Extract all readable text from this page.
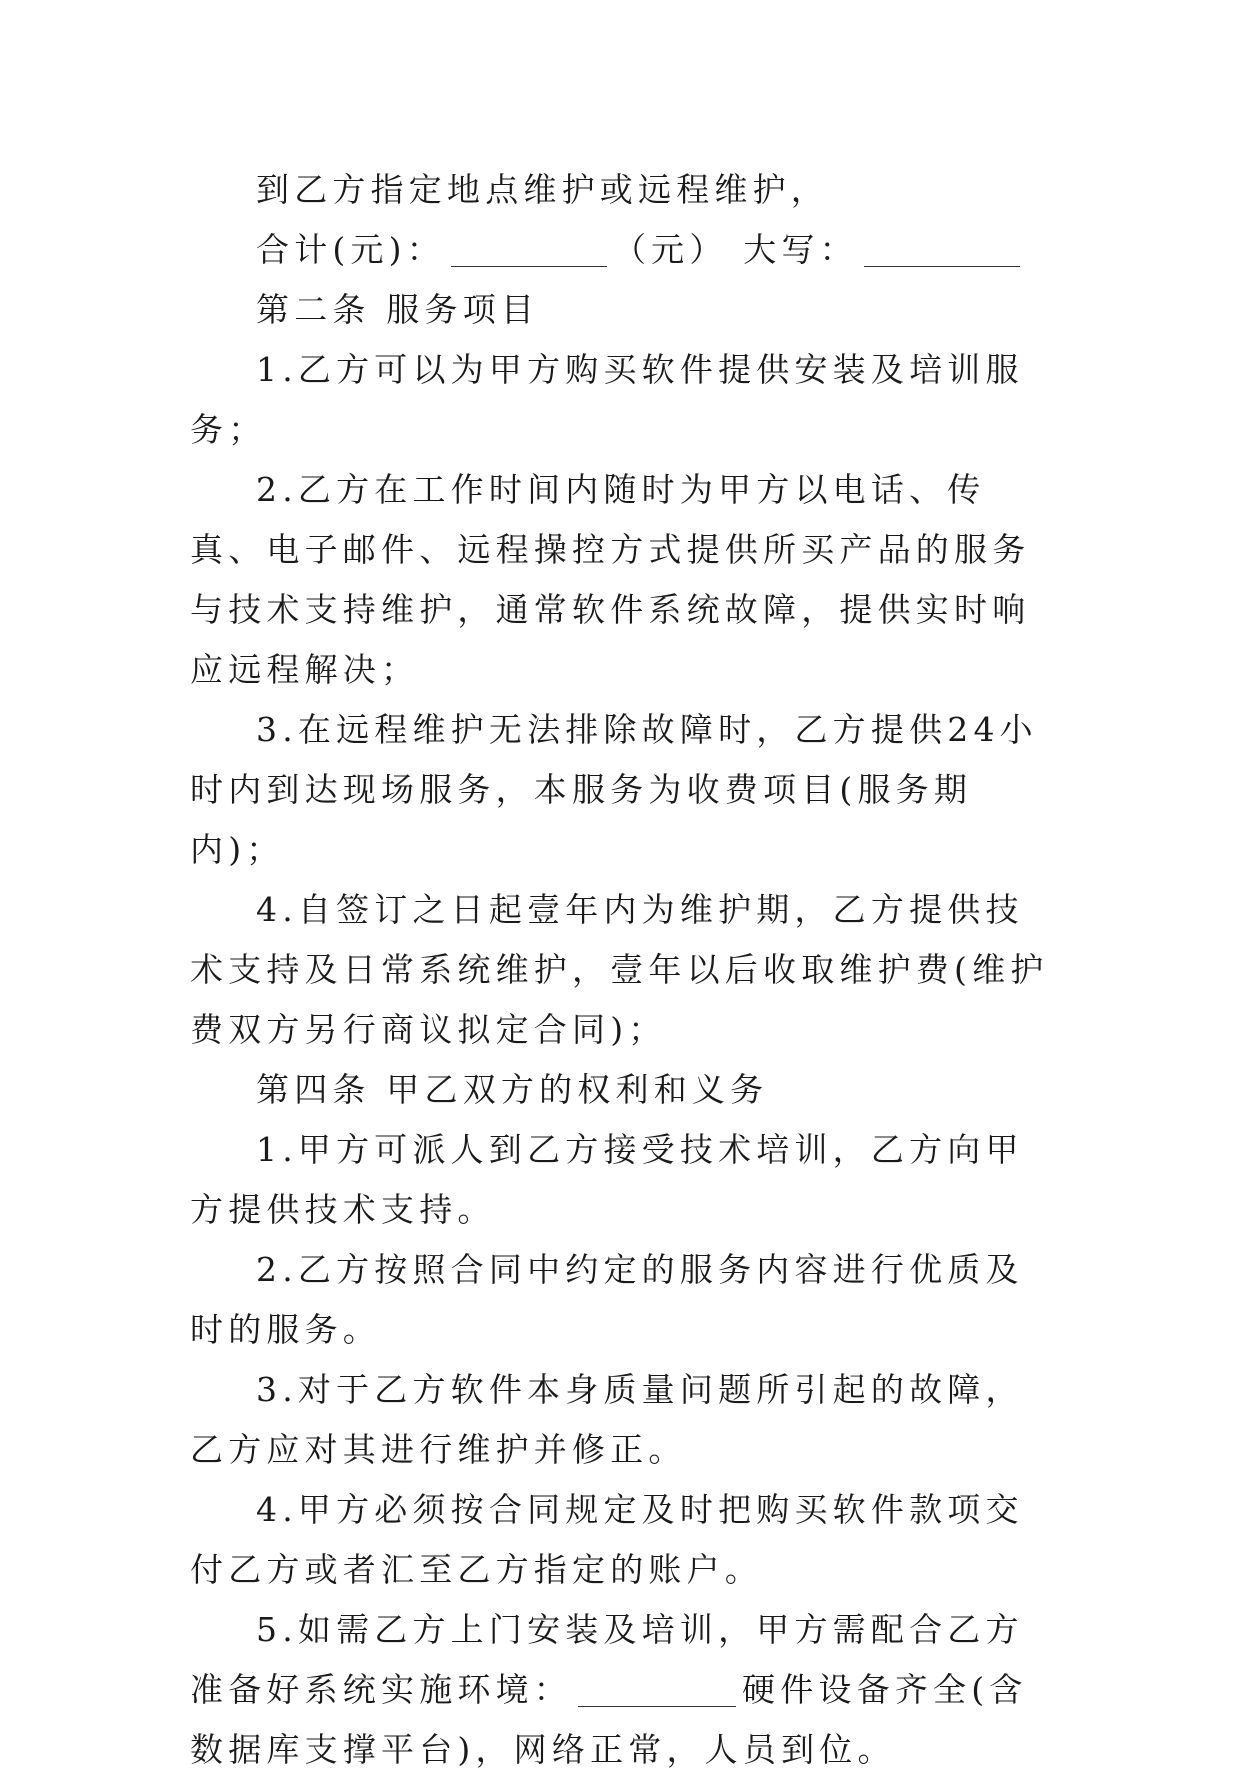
到乙方指定地点维护或远程维护，

合计(元)：	（元） 大写：

第二条 服务项目

1.乙方可以为甲方购买软件提供安装及培训服务；

2.乙方在工作时间内随时为甲方以电话、传真、电子邮件、远程操控方式提供所买产品的服务与技术支持维护，通常软件系统故障，提供实时响应远程解决；

3.在远程维护无法排除故障时，乙方提供24小时内到达现场服务，本服务为收费项目(服务期内)；

4.自签订之日起壹年内为维护期，乙方提供技术支持及日常系统维护，壹年以后收取维护费(维护费双方另行商议拟定合同)；

第四条 甲乙双方的权利和义务

1.甲方可派人到乙方接受技术培训，乙方向甲方提供技术支持。

2.乙方按照合同中约定的服务内容进行优质及时的服务。

3.对于乙方软件本身质量问题所引起的故障，乙方应对其进行维护并修正。

4.甲方必须按合同规定及时把购买软件款项交付乙方或者汇至乙方指定的账户。

5.如需乙方上门安装及培训，甲方需配合乙方准备好系统实施环境：	硬件设备齐全(含数据库支撑平台)，网络正常，人员到位。
